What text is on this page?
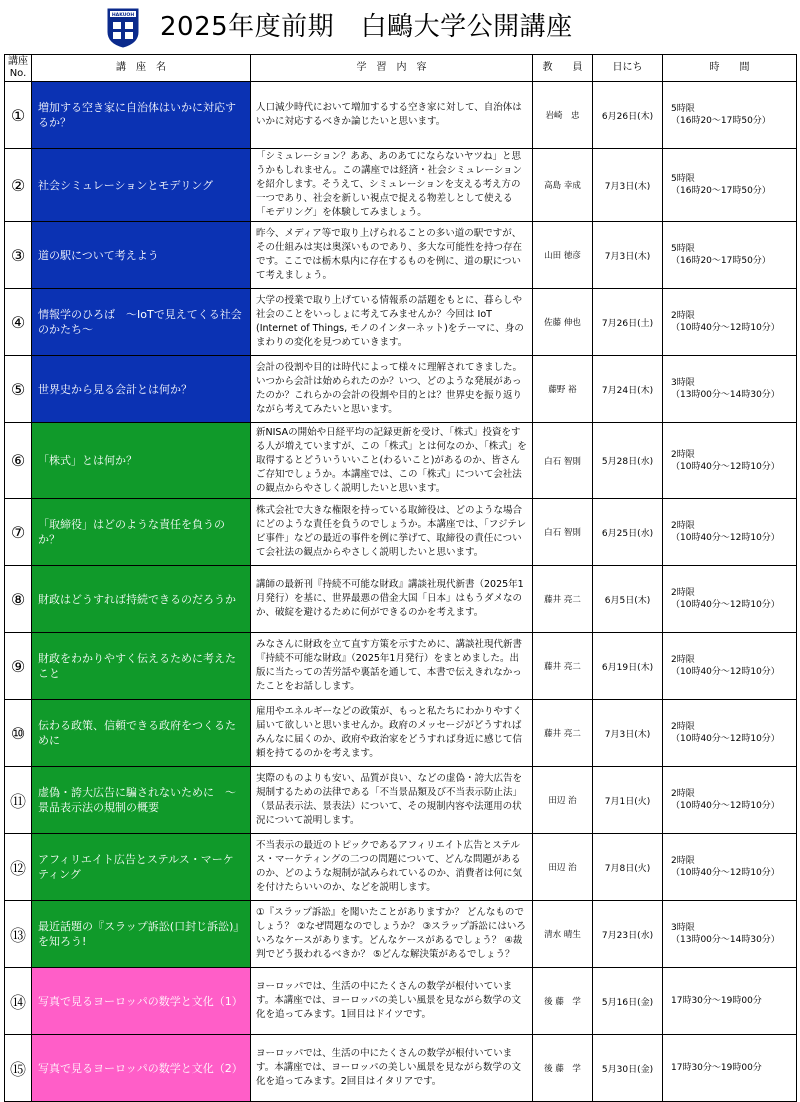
HAKUOH 2025年度前期　白鷗大学公開講座
講座
No.	講　座　名	学　習　内　容	教　　員	日にち	時　　間
①	増加する空き家に自治体はいかに対応するか？	人口減少時代において増加するする空き家に対して、自治体はいかに対応するべきか論じたいと思います。	岩崎　忠	6月26日(木)	5時限
（16時20～17時50分）

②	社会シミュレーションとモデリング	「シミュレーション？ああ、あのあてにならないヤツね」と思うかもしれません。この講座では経済・社会シミュレーションを紹介します。そうえて、シミュレーションを支える考え方の一つであり、社会を新しい視点で捉える物差しとして使える「モデリング」を体験してみましょう。	高島 幸成	7月3日(木)	5時限
（16時20～17時50分）

③	道の駅について考えよう	昨今、メディア等で取り上げられることの多い道の駅ですが、その仕組みは実は奥深いものであり、多大な可能性を持つ存在です。ここでは栃木県内に存在するものを例に、道の駅について考えましょう。	山田 徳彦	7月3日(木)	5時限
（16時20～17時50分）

④	情報学のひろば　～IoTで見えてくる社会のかたち～	大学の授業で取り上げている情報系の話題をもとに、暮らしや社会のことをいっしょに考えてみませんか？今回は IoT (Internet of Things, モノのインターネット)をテーマに、身のまわりの変化を見つめていきます。	佐藤 伸也	7月26日(土)	2時限
（10時40分～12時10分）

⑤	世界史から見る会計とは何か？	会計の役割や目的は時代によって様々に理解されてきました。いつから会計は始められたのか？いつ、どのような発展があったのか？これらかの会計の役割や目的とは？世界史を振り返りながら考えてみたいと思います。	藤野 裕	7月24日(木)	3時限
（13時00分～14時30分）

⑥	「株式」とは何か？	新NISAの開始や日経平均の記録更新を受け、「株式」投資をする人が増えていますが、この「株式」とは何なのか、「株式」を取得するとどういういいこと(わるいこと)があるのか、皆さんご存知でしょうか。本講座では、この「株式」について会社法の観点からやさしく説明したいと思います。	白石 智則	5月28日(水)	2時限
（10時40分～12時10分）

⑦	「取締役」はどのような責任を負うのか？	株式会社で大きな権限を持っている取締役は、どのような場合にどのような責任を負うのでしょうか。本講座では、「フジテレビ事件」などの最近の事件を例に挙げて、取締役の責任について会社法の観点からやさしく説明したいと思います。	白石 智則	6月25日(水)	2時限
（10時40分～12時10分）

⑧	財政はどうすれば持続できるのだろうか	講師の最新刊『持続不可能な財政』講談社現代新書（2025年1月発行）を基に、世界最悪の借金大国「日本」はもうダメなのか、破綻を避けるために何ができるのかを考えます。	藤井 亮二	6月5日(木)	2時限
（10時40分～12時10分）

⑨	財政をわかりやすく伝えるために考えたこと	みなさんに財政を立て直す方策を示すために、講談社現代新書『持続不可能な財政』（2025年1月発行）をまとめました。出版に当たっての苦労話や裏話を通して、本書で伝えきれなかったことをお話しします。	藤井 亮二	6月19日(木)	2時限
（10時40分～12時10分）

⑩	伝わる政策、信頼できる政府をつくるために	雇用やエネルギーなどの政策が、もっと私たちにわかりやすく届いて欲しいと思いませんか。政府のメッセージがどうすればみんなに届くのか、政府や政治家をどうすれば身近に感じて信頼を持てるのかを考えます。	藤井 亮二	7月3日(木)	2時限
（10時40分～12時10分）

⑪	虚偽・誇大広告に騙されないために　～景品表示法の規制の概要	実際のものよりも安い、品質が良い、などの虚偽・誇大広告を規制するための法律である「不当景品類及び不当表示防止法」（景品表示法、景表法）について、その規制内容や法運用の状況について説明します。	田辺 治	7月1日(火)	2時限
（10時40分～12時10分）

⑫	アフィリエイト広告とステルス・マーケティング	不当表示の最近のトピックであるアフィリエイト広告とステルス・マーケティングの二つの問題について、どんな問題があるのか、どのような規制が試みられているのか、消費者は何に気を付けたらいいのか、などを説明します。	田辺 治	7月8日(火)	2時限
（10時40分～12時10分）

⑬	最近話題の『スラップ訴訟(口封じ訴訟)』を知ろう!	①『スラップ訴訟』を聞いたことがありますか？ どんなものでしょう？ ②なぜ問題なのでしょうか？ ③スラップ訴訟にはいろいろなケースがあります。どんなケースがあるでしょう？ ④裁判でどう扱われるべきか？ ⑤どんな解決策があるでしょう？	清水 晴生	7月23日(水)	3時限
（13時00分～14時30分）

⑭	写真で見るヨーロッパの数学と文化（1）	ヨーロッパでは、生活の中にたくさんの数学が根付いています。本講座では、ヨーロッパの美しい風景を見ながら数学の文化を追ってみます。1回目はドイツです。	後 藤　学	5月16日(金)	17時30分～19時00分

⑮	写真で見るヨーロッパの数学と文化（2）	ヨーロッパでは、生活の中にたくさんの数学が根付いています。本講座では、ヨーロッパの美しい風景を見ながら数学の文化を追ってみます。2回目はイタリアです。	後 藤　学	5月30日(金)	17時30分～19時00分
